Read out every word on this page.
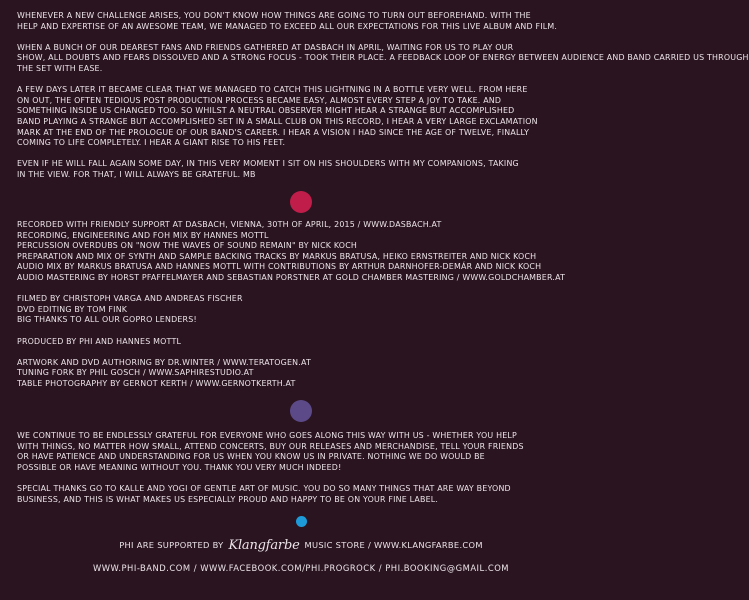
WHENEVER A NEW CHALLENGE ARISES, YOU DON'T KNOW HOW THINGS ARE GOING TO TURN OUT BEFOREHAND. WITH THE
HELP AND EXPERTISE OF AN AWESOME TEAM, WE MANAGED TO EXCEED ALL OUR EXPECTATIONS FOR THIS LIVE ALBUM AND FILM.

WHEN A BUNCH OF OUR DEAREST FANS AND FRIENDS GATHERED AT DASBACH IN APRIL, WAITING FOR US TO PLAY OUR
SHOW, ALL DOUBTS AND FEARS DISSOLVED AND A STRONG FOCUS - TOOK THEIR PLACE. A FEEDBACK LOOP OF ENERGY BETWEEN AUDIENCE AND BAND CARRIED US THROUGH
THE SET WITH EASE.

A FEW DAYS LATER IT BECAME CLEAR THAT WE MANAGED TO CATCH THIS LIGHTNING IN A BOTTLE VERY WELL. FROM HERE
ON OUT, THE OFTEN TEDIOUS POST PRODUCTION PROCESS BECAME EASY, ALMOST EVERY STEP A JOY TO TAKE. AND
SOMETHING INSIDE US CHANGED TOO. SO WHILST A NEUTRAL OBSERVER MIGHT HEAR A STRANGE BUT ACCOMPLISHED
BAND PLAYING A STRANGE BUT ACCOMPLISHED SET IN A SMALL CLUB ON THIS RECORD, I HEAR A VERY LARGE EXCLAMATION
MARK AT THE END OF THE PROLOGUE OF OUR BAND'S CAREER. I HEAR A VISION I HAD SINCE THE AGE OF TWELVE, FINALLY
COMING TO LIFE COMPLETELY. I HEAR A GIANT RISE TO HIS FEET.

EVEN IF HE WILL FALL AGAIN SOME DAY, IN THIS VERY MOMENT I SIT ON HIS SHOULDERS WITH MY COMPANIONS, TAKING
IN THE VIEW. FOR THAT, I WILL ALWAYS BE GRATEFUL. MB

RECORDED WITH FRIENDLY SUPPORT AT DASBACH, VIENNA, 30TH OF APRIL, 2015 / WWW.DASBACH.AT
RECORDING, ENGINEERING AND FOH MIX BY HANNES MOTTL
PERCUSSION OVERDUBS ON "NOW THE WAVES OF SOUND REMAIN" BY NICK KOCH
PREPARATION AND MIX OF SYNTH AND SAMPLE BACKING TRACKS BY MARKUS BRATUSA, HEIKO ERNSTREITER AND NICK KOCH
AUDIO MIX BY MARKUS BRATUSA AND HANNES MOTTL WITH CONTRIBUTIONS BY ARTHUR DARNHOFER-DEMÁR AND NICK KOCH
AUDIO MASTERING BY HORST PFAFFELMAYER AND SEBASTIAN PORSTNER AT GOLD CHAMBER MASTERING / WWW.GOLDCHAMBER.AT

FILMED BY CHRISTOPH VARGA AND ANDREAS FISCHER
DVD EDITING BY TOM FINK
BIG THANKS TO ALL OUR GOPRO LENDERS!

PRODUCED BY PHI AND HANNES MOTTL

ARTWORK AND DVD AUTHORING BY DR.WINTER / WWW.TERATOGEN.AT
TUNING FORK BY PHIL GOSCH / WWW.SAPHIRESTUDIO.AT
TABLE PHOTOGRAPHY BY GERNOT KERTH / WWW.GERNOTKERTH.AT

WE CONTINUE TO BE ENDLESSLY GRATEFUL FOR EVERYONE WHO GOES ALONG THIS WAY WITH US - WHETHER YOU HELP
WITH THINGS, NO MATTER HOW SMALL, ATTEND CONCERTS, BUY OUR RELEASES AND MERCHANDISE, TELL YOUR FRIENDS
OR HAVE PATIENCE AND UNDERSTANDING FOR US WHEN YOU KNOW US IN PRIVATE. NOTHING WE DO WOULD BE
POSSIBLE OR HAVE MEANING WITHOUT YOU. THANK YOU VERY MUCH INDEED!

SPECIAL THANKS GO TO KALLE AND YOGI OF GENTLE ART OF MUSIC. YOU DO SO MANY THINGS THAT ARE WAY BEYOND
BUSINESS, AND THIS IS WHAT MAKES US ESPECIALLY PROUD AND HAPPY TO BE ON YOUR FINE LABEL.

PHI ARE SUPPORTED BY Klangfarbe MUSIC STORE / WWW.KLANGFARBE.COM
WWW.PHI-BAND.COM / WWW.FACEBOOK.COM/PHI.PROGROCK / PHI.BOOKING@GMAIL.COM
